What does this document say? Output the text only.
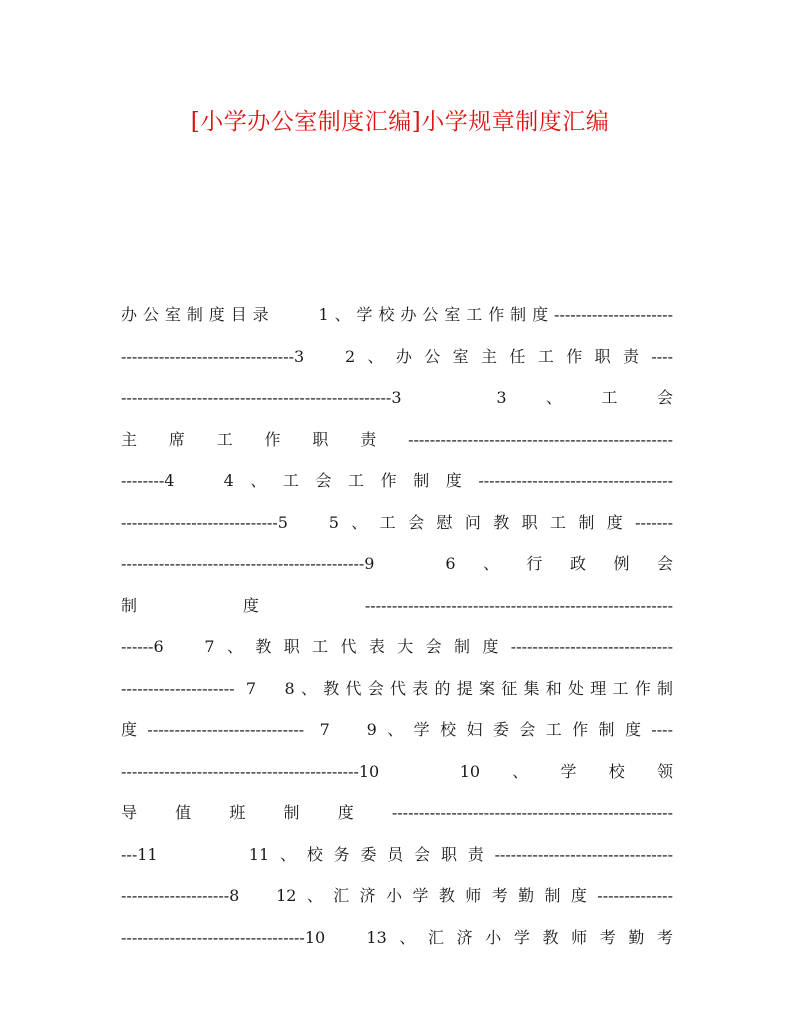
[小学办公室制度汇编]小学规章制度汇编
办公室制度目录　　1、学校办公室工作制度----------------------
--------------------------------3　2、办公室主任工作职责----
--------------------------------------------------3　3、工会
主席工作职责-------------------------------------------------
--------4　4、工会工作制度------------------------------------
-----------------------------5　5、工会慰问教职工制度-------
---------------------------------------------9　6、行政例会
制度---------------------------------------------------------
------6　7、教职工代表大会制度------------------------------
--------------------- 7　8、教代会代表的提案征集和处理工作制
度----------------------------- 7　9、学校妇委会工作制度----
--------------------------------------------10　10、学校领
导值班制度----------------------------------------------------
---11　　　11、校务委员会职责---------------------------------
--------------------8　12、汇济小学教师考勤制度--------------
----------------------------------10　13、汇济小学教师考勤考
